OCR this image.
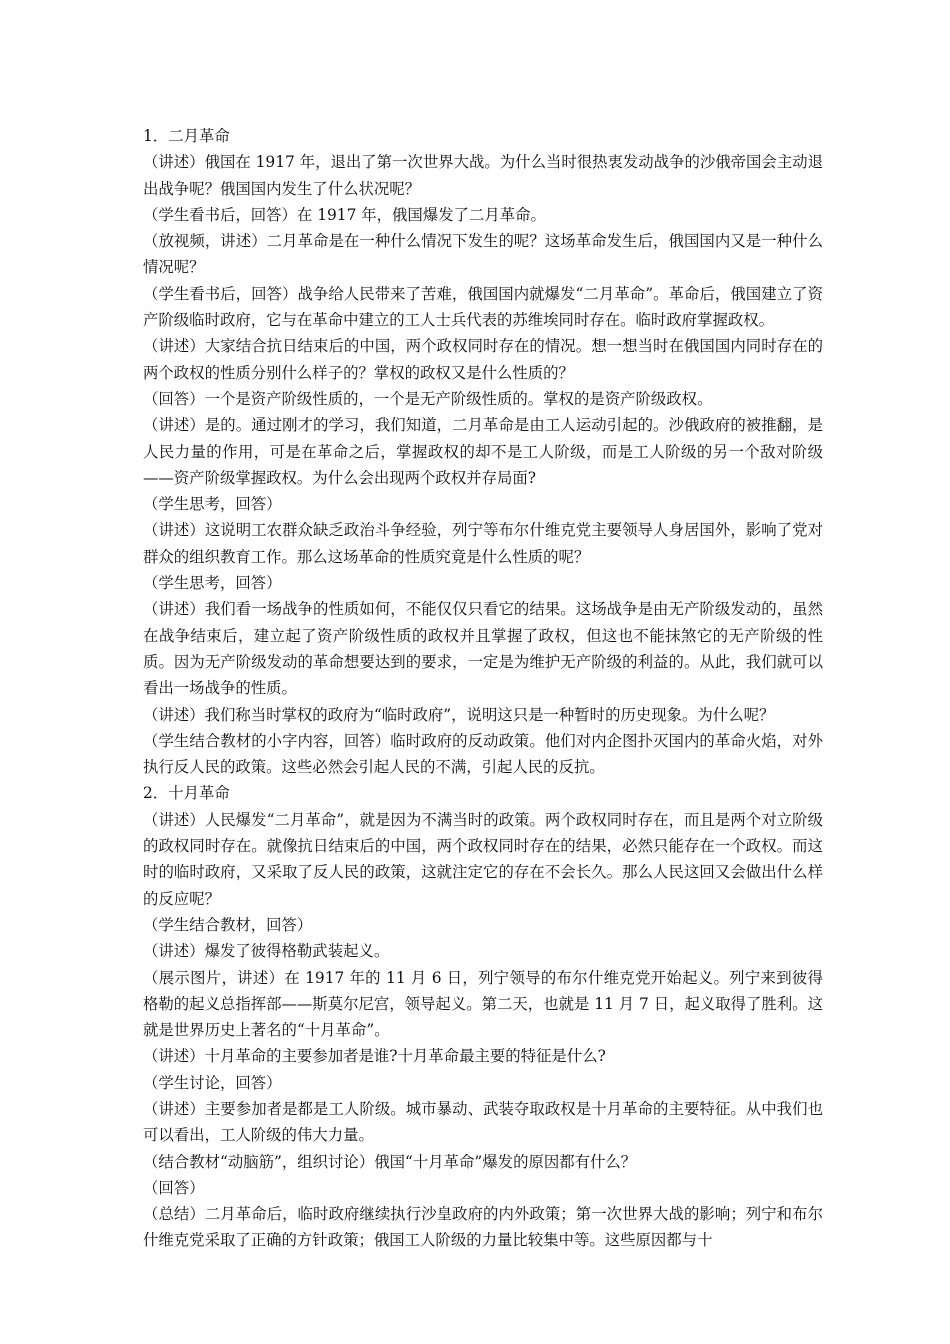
1．二月革命

（讲述）俄国在 1917 年，退出了第一次世界大战。为什么当时很热衷发动战争的沙俄帝国会主动退出战争呢？俄国国内发生了什么状况呢？

（学生看书后，回答）在 1917 年，俄国爆发了二月革命。

（放视频，讲述）二月革命是在一种什么情况下发生的呢？这场革命发生后，俄国国内又是一种什么情况呢？

（学生看书后，回答）战争给人民带来了苦难，俄国国内就爆发“二月革命”。革命后，俄国建立了资产阶级临时政府，它与在革命中建立的工人士兵代表的苏维埃同时存在。临时政府掌握政权。

（讲述）大家结合抗日结束后的中国，两个政权同时存在的情况。想一想当时在俄国国内同时存在的两个政权的性质分别什么样子的？掌权的政权又是什么性质的？

（回答）一个是资产阶级性质的，一个是无产阶级性质的。掌权的是资产阶级政权。

（讲述）是的。通过刚才的学习，我们知道，二月革命是由工人运动引起的。沙俄政府的被推翻，是人民力量的作用，可是在革命之后，掌握政权的却不是工人阶级，而是工人阶级的另一个敌对阶级——资产阶级掌握政权。为什么会出现两个政权并存局面?

（学生思考，回答）

（讲述）这说明工农群众缺乏政治斗争经验，列宁等布尔什维克党主要领导人身居国外，影响了党对群众的组织教育工作。那么这场革命的性质究竟是什么性质的呢？

（学生思考，回答）

（讲述）我们看一场战争的性质如何，不能仅仅只看它的结果。这场战争是由无产阶级发动的，虽然在战争结束后，建立起了资产阶级性质的政权并且掌握了政权，但这也不能抹煞它的无产阶级的性质。因为无产阶级发动的革命想要达到的要求，一定是为维护无产阶级的利益的。从此，我们就可以看出一场战争的性质。

（讲述）我们称当时掌权的政府为“临时政府”，说明这只是一种暂时的历史现象。为什么呢？

（学生结合教材的小字内容，回答）临时政府的反动政策。他们对内企图扑灭国内的革命火焰，对外执行反人民的政策。这些必然会引起人民的不满，引起人民的反抗。

2．十月革命

（讲述）人民爆发“二月革命”，就是因为不满当时的政策。两个政权同时存在，而且是两个对立阶级的政权同时存在。就像抗日结束后的中国，两个政权同时存在的结果，必然只能存在一个政权。而这时的临时政府，又采取了反人民的政策，这就注定它的存在不会长久。那么人民这回又会做出什么样的反应呢？

（学生结合教材，回答）

（讲述）爆发了彼得格勒武装起义。

（展示图片，讲述）在 1917 年的 11 月 6 日，列宁领导的布尔什维克党开始起义。列宁来到彼得格勒的起义总指挥部——斯莫尔尼宫，领导起义。第二天，也就是 11 月 7 日，起义取得了胜利。这就是世界历史上著名的“十月革命”。

（讲述）十月革命的主要参加者是谁?十月革命最主要的特征是什么?

（学生讨论，回答）

（讲述）主要参加者是都是工人阶级。城市暴动、武装夺取政权是十月革命的主要特征。从中我们也可以看出，工人阶级的伟大力量。

（结合教材“动脑筋”，组织讨论）俄国“十月革命”爆发的原因都有什么？

（回答）

（总结）二月革命后，临时政府继续执行沙皇政府的内外政策；第一次世界大战的影响；列宁和布尔什维克党采取了正确的方针政策；俄国工人阶级的力量比较集中等。这些原因都与十
